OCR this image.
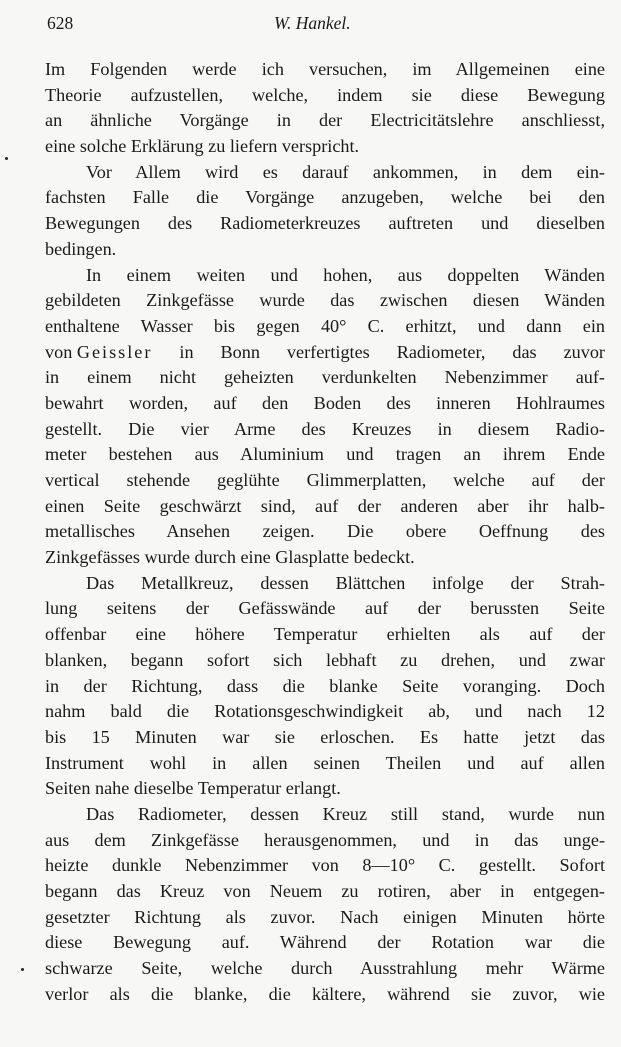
628	W. Hankel.
Im Folgenden werde ich versuchen, im Allgemeinen eine
Theorie aufzustellen, welche, indem sie diese Bewegung
an ähnliche Vorgänge in der Electricitätslehre anschliesst,
eine solche Erklärung zu liefern verspricht.
Vor Allem wird es darauf ankommen, in dem ein-
fachsten Falle die Vorgänge anzugeben, welche bei den
Bewegungen des Radiometerkreuzes auftreten und dieselben
bedingen.
In einem weiten und hohen, aus doppelten Wänden
gebildeten Zinkgefässe wurde das zwischen diesen Wänden
enthaltene Wasser bis gegen 40° C. erhitzt, und dann ein
von Geissler in Bonn verfertigtes Radiometer, das zuvor
in einem nicht geheizten verdunkelten Nebenzimmer auf-
bewahrt worden, auf den Boden des inneren Hohlraumes
gestellt. Die vier Arme des Kreuzes in diesem Radio-
meter bestehen aus Aluminium und tragen an ihrem Ende
vertical stehende geglühte Glimmerplatten, welche auf der
einen Seite geschwärzt sind, auf der anderen aber ihr halb-
metallisches Ansehen zeigen. Die obere Oeffnung des
Zinkgefässes wurde durch eine Glasplatte bedeckt.
Das Metallkreuz, dessen Blättchen infolge der Strah-
lung seitens der Gefässwände auf der berussten Seite
offenbar eine höhere Temperatur erhielten als auf der
blanken, begann sofort sich lebhaft zu drehen, und zwar
in der Richtung, dass die blanke Seite voranging. Doch
nahm bald die Rotationsgeschwindigkeit ab, und nach 12
bis 15 Minuten war sie erloschen. Es hatte jetzt das
Instrument wohl in allen seinen Theilen und auf allen
Seiten nahe dieselbe Temperatur erlangt.
Das Radiometer, dessen Kreuz still stand, wurde nun
aus dem Zinkgefässe herausgenommen, und in das unge-
heizte dunkle Nebenzimmer von 8—10° C. gestellt. Sofort
begann das Kreuz von Neuem zu rotiren, aber in entgegen-
gesetzter Richtung als zuvor. Nach einigen Minuten hörte
diese Bewegung auf. Während der Rotation war die
schwarze Seite, welche durch Ausstrahlung mehr Wärme
verlor als die blanke, die kältere, während sie zuvor, wie
